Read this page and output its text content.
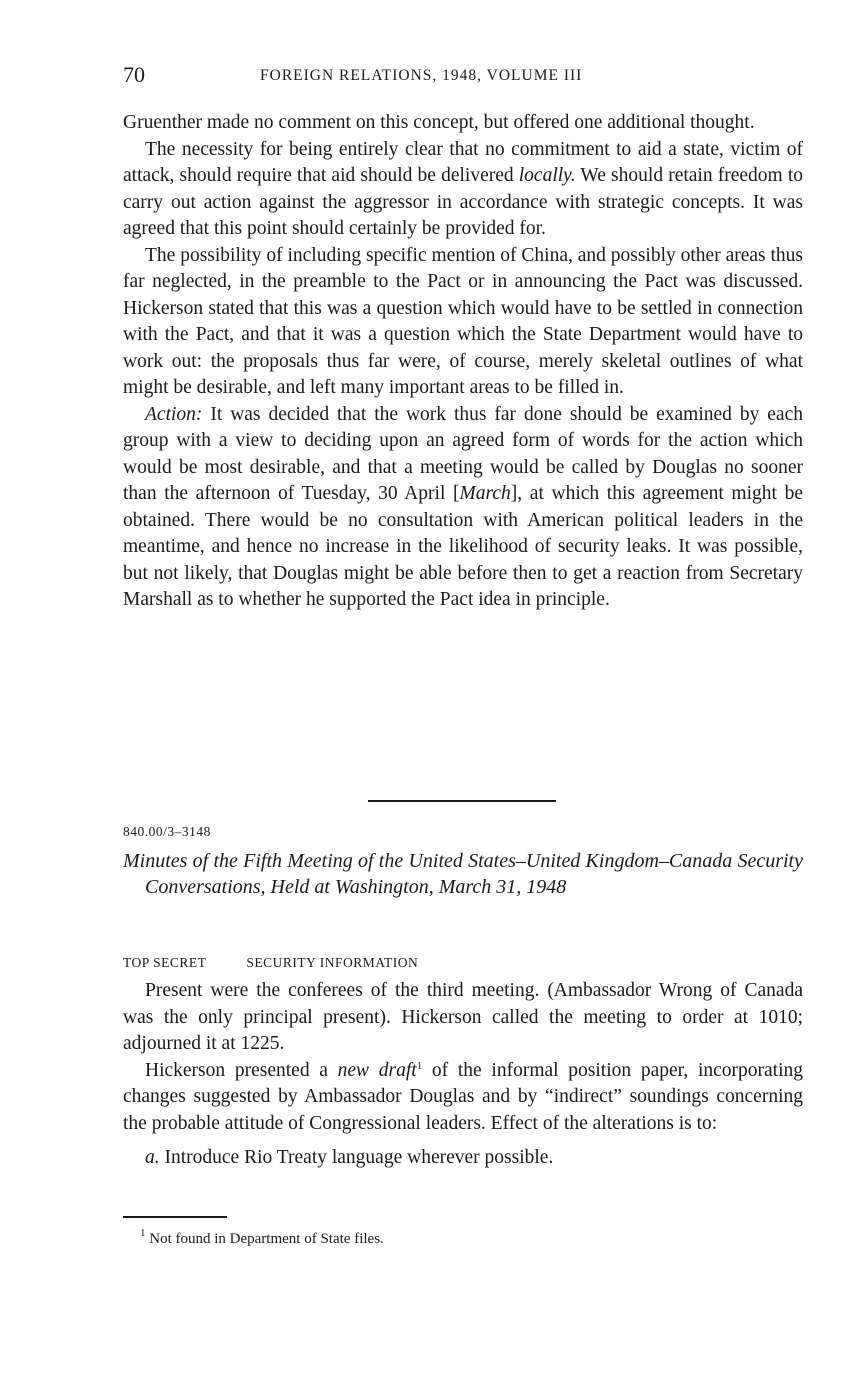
70	FOREIGN RELATIONS, 1948, VOLUME III

Gruenther made no comment on this concept, but offered one additional thought.

The necessity for being entirely clear that no commitment to aid a state, victim of attack, should require that aid should be delivered locally. We should retain freedom to carry out action against the aggressor in accordance with strategic concepts. It was agreed that this point should certainly be provided for.

The possibility of including specific mention of China, and possibly other areas thus far neglected, in the preamble to the Pact or in announcing the Pact was discussed. Hickerson stated that this was a question which would have to be settled in connection with the Pact, and that it was a question which the State Department would have to work out: the proposals thus far were, of course, merely skeletal outlines of what might be desirable, and left many important areas to be filled in.

Action: It was decided that the work thus far done should be examined by each group with a view to deciding upon an agreed form of words for the action which would be most desirable, and that a meeting would be called by Douglas no sooner than the afternoon of Tuesday, 30 April [March], at which this agreement might be obtained. There would be no consultation with American political leaders in the meantime, and hence no increase in the likelihood of security leaks. It was possible, but not likely, that Douglas might be able before then to get a reaction from Secretary Marshall as to whether he supported the Pact idea in principle.

840.00/3–3148
Minutes of the Fifth Meeting of the United States–United Kingdom–Canada Security Conversations, Held at Washington, March 31, 1948
TOP SECRET	SECURITY INFORMATION

Present were the conferees of the third meeting. (Ambassador Wrong of Canada was the only principal present). Hickerson called the meeting to order at 1010; adjourned it at 1225.

Hickerson presented a new draft$^1$ of the informal position paper, incorporating changes suggested by Ambassador Douglas and by “indirect” soundings concerning the probable attitude of Congressional leaders. Effect of the alterations is to:

a. Introduce Rio Treaty language wherever possible.

$^1$ Not found in Department of State files.
